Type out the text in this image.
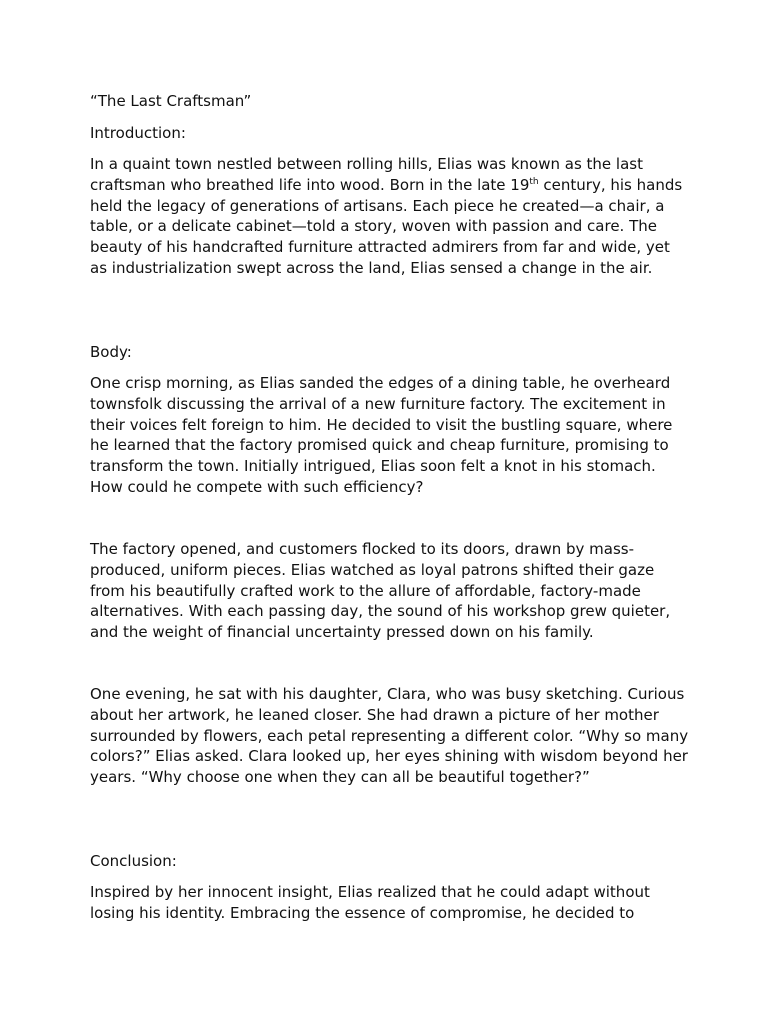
“The Last Craftsman”

Introduction:

In a quaint town nestled between rolling hills, Elias was known as the last craftsman who breathed life into wood. Born in the late 19th century, his hands held the legacy of generations of artisans. Each piece he created—a chair, a table, or a delicate cabinet—told a story, woven with passion and care. The beauty of his handcrafted furniture attracted admirers from far and wide, yet as industrialization swept across the land, Elias sensed a change in the air.

Body:

One crisp morning, as Elias sanded the edges of a dining table, he overheard townsfolk discussing the arrival of a new furniture factory. The excitement in their voices felt foreign to him. He decided to visit the bustling square, where he learned that the factory promised quick and cheap furniture, promising to transform the town. Initially intrigued, Elias soon felt a knot in his stomach. How could he compete with such efficiency?

The factory opened, and customers flocked to its doors, drawn by mass-produced, uniform pieces. Elias watched as loyal patrons shifted their gaze from his beautifully crafted work to the allure of affordable, factory-made alternatives. With each passing day, the sound of his workshop grew quieter, and the weight of financial uncertainty pressed down on his family.

One evening, he sat with his daughter, Clara, who was busy sketching. Curious about her artwork, he leaned closer. She had drawn a picture of her mother surrounded by flowers, each petal representing a different color. “Why so many colors?” Elias asked. Clara looked up, her eyes shining with wisdom beyond her years. “Why choose one when they can all be beautiful together?”

Conclusion:

Inspired by her innocent insight, Elias realized that he could adapt without losing his identity. Embracing the essence of compromise, he decided to
